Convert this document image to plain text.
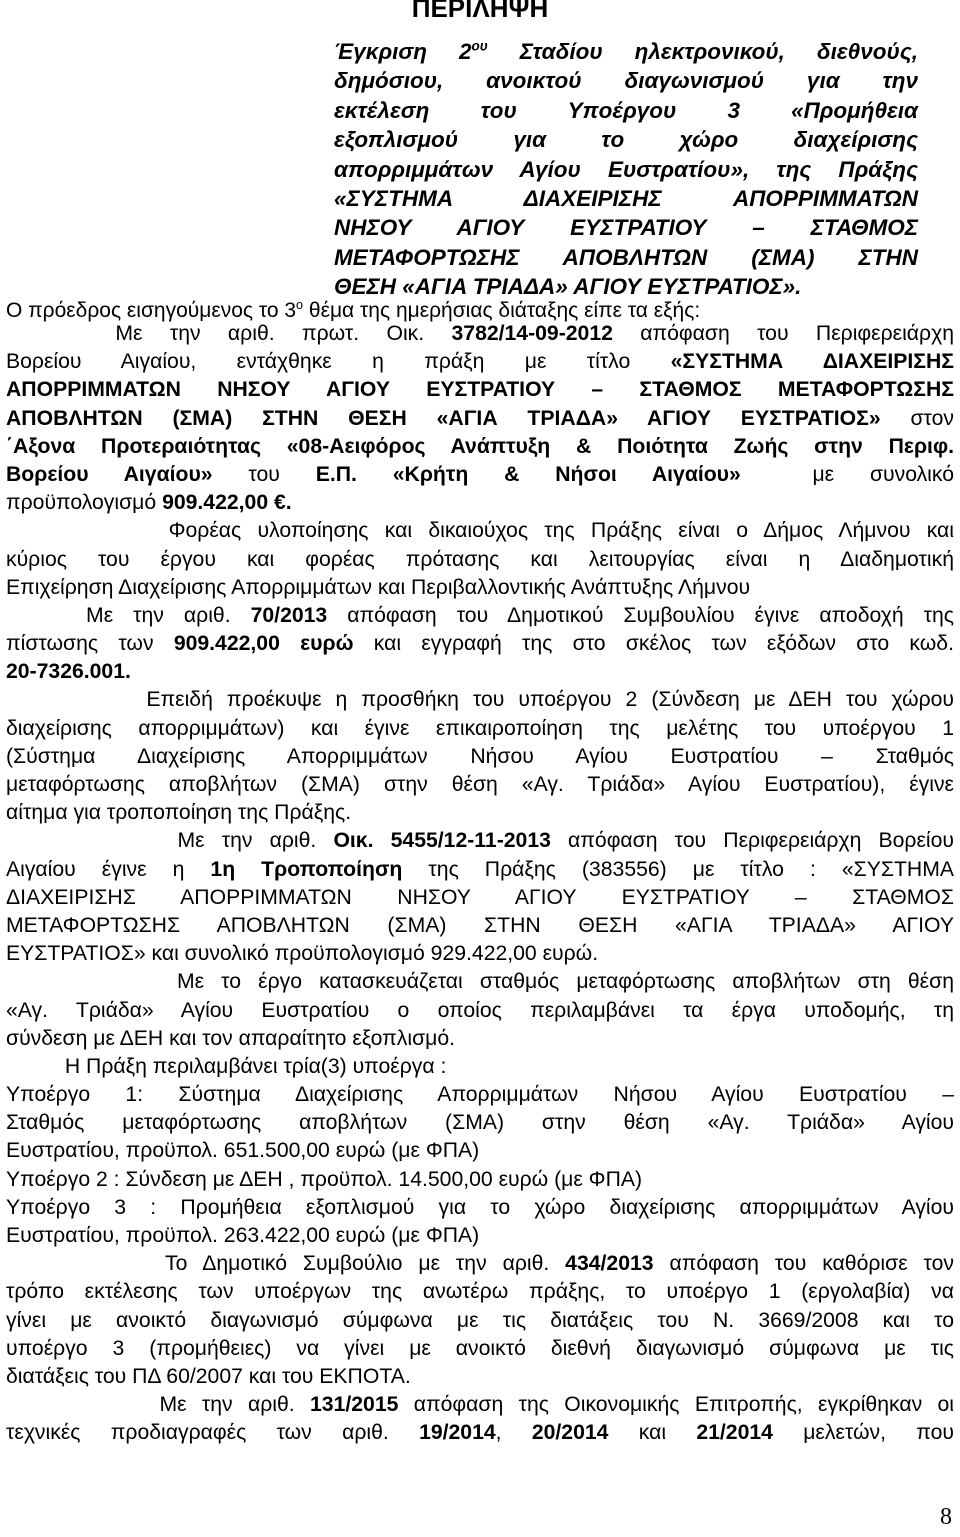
ΠΕΡΙΛΗΨΗ
Έγκριση $2^{o\upsilon}$ Σταδίου ηλεκτρονικού, διεθνούς,
δημόσιου, ανοικτού διαγωνισμού για την
εκτέλεση του Υποέργου 3 «Προμήθεια
εξοπλισμού για το χώρο διαχείρισης
απορριμμάτων Αγίου Ευστρατίου», της Πράξης
«ΣΥΣΤΗΜΑ ΔΙΑΧΕΙΡΙΣΗΣ ΑΠΟΡΡΙΜΜΑΤΩΝ
ΝΗΣΟΥ ΑΓΙΟΥ ΕΥΣΤΡΑΤΙΟΥ – ΣΤΑΘΜΟΣ
ΜΕΤΑΦΟΡΤΩΣΗΣ ΑΠΟΒΛΗΤΩΝ (ΣΜΑ) ΣΤΗΝ
ΘΕΣΗ «ΑΓΙΑ ΤΡΙΑΔΑ» ΑΓΙΟΥ ΕΥΣΤΡΑΤΙΟΣ».
Ο πρόεδρος εισηγούμενος το $3^o$ θέμα της ημερήσιας διάταξης είπε τα εξής:
Με την αριθ. πρωτ. Οικ. 3782/14-09-2012 απόφαση του Περιφερειάρχη
Βορείου Αιγαίου, εντάχθηκε η πράξη με τίτλο «ΣΥΣΤΗΜΑ ΔΙΑΧΕΙΡΙΣΗΣ
ΑΠΟΡΡΙΜΜΑΤΩΝ ΝΗΣΟΥ ΑΓΙΟΥ ΕΥΣΤΡΑΤΙΟΥ – ΣΤΑΘΜΟΣ ΜΕΤΑΦΟΡΤΩΣΗΣ
ΑΠΟΒΛΗΤΩΝ (ΣΜΑ) ΣΤΗΝ ΘΕΣΗ «ΑΓΙΑ ΤΡΙΑΔΑ» ΑΓΙΟΥ ΕΥΣΤΡΑΤΙΟΣ» στον
΄Αξονα Προτεραιότητας «08-Αειφόρος Ανάπτυξη & Ποιότητα Ζωής στην Περιφ.
Βορείου Αιγαίου» του Ε.Π. «Κρήτη & Νήσοι Αιγαίου»  με συνολικό
προϋπολογισμό 909.422,00 €.
Φορέας υλοποίησης και δικαιούχος της Πράξης είναι ο Δήμος Λήμνου και
κύριος του έργου και φορέας πρότασης και λειτουργίας είναι η Διαδημοτική
Επιχείρηση Διαχείρισης Απορριμμάτων και Περιβαλλοντικής Ανάπτυξης Λήμνου
Με την αριθ. 70/2013 απόφαση του Δημοτικού Συμβουλίου έγινε αποδοχή της
πίστωσης των 909.422,00 ευρώ και εγγραφή της στο σκέλος των εξόδων στο κωδ.
20-7326.001.
Επειδή προέκυψε η προσθήκη του υποέργου 2 (Σύνδεση με ΔΕΗ του χώρου
διαχείρισης απορριμμάτων) και έγινε επικαιροποίηση της μελέτης του υποέργου 1
(Σύστημα Διαχείρισης Απορριμμάτων Νήσου Αγίου Ευστρατίου – Σταθμός
μεταφόρτωσης αποβλήτων (ΣΜΑ) στην θέση «Αγ. Τριάδα» Αγίου Ευστρατίου), έγινε
αίτημα για τροποποίηση της Πράξης.
Με την αριθ. Οικ. 5455/12-11-2013 απόφαση του Περιφερειάρχη Βορείου
Αιγαίου έγινε η 1η Τροποποίηση της Πράξης (383556) με τίτλο : «ΣΥΣΤΗΜΑ
ΔΙΑΧΕΙΡΙΣΗΣ ΑΠΟΡΡΙΜΜΑΤΩΝ ΝΗΣΟΥ ΑΓΙΟΥ ΕΥΣΤΡΑΤΙΟΥ – ΣΤΑΘΜΟΣ
ΜΕΤΑΦΟΡΤΩΣΗΣ ΑΠΟΒΛΗΤΩΝ (ΣΜΑ) ΣΤΗΝ ΘΕΣΗ «ΑΓΙΑ ΤΡΙΑΔΑ» ΑΓΙΟΥ
ΕΥΣΤΡΑΤΙΟΣ» και συνολικό προϋπολογισμό 929.422,00 ευρώ.
Με το έργο κατασκευάζεται σταθμός μεταφόρτωσης αποβλήτων στη θέση
«Αγ. Τριάδα» Αγίου Ευστρατίου ο οποίος περιλαμβάνει τα έργα υποδομής, τη
σύνδεση με ΔΕΗ και τον απαραίτητο εξοπλισμό.
Η Πράξη περιλαμβάνει τρία(3) υποέργα :
Υποέργο 1: Σύστημα Διαχείρισης Απορριμμάτων Νήσου Αγίου Ευστρατίου –
Σταθμός μεταφόρτωσης αποβλήτων (ΣΜΑ) στην θέση «Αγ. Τριάδα» Αγίου
Ευστρατίου, προϋπολ. 651.500,00 ευρώ (με ΦΠΑ)
Υποέργο 2 : Σύνδεση με ΔΕΗ , προϋπολ. 14.500,00 ευρώ (με ΦΠΑ)
Υποέργο 3 : Προμήθεια εξοπλισμού για το χώρο διαχείρισης απορριμμάτων Αγίου
Ευστρατίου, προϋπολ. 263.422,00 ευρώ (με ΦΠΑ)
Το Δημοτικό Συμβούλιο με την αριθ. 434/2013 απόφαση του καθόρισε τον
τρόπο εκτέλεσης των υποέργων της ανωτέρω πράξης, το υποέργο 1 (εργολαβία) να
γίνει με ανοικτό διαγωνισμό σύμφωνα με τις διατάξεις του Ν. 3669/2008 και το
υποέργο 3 (προμήθειες) να γίνει με ανοικτό διεθνή διαγωνισμό σύμφωνα με τις
διατάξεις του ΠΔ 60/2007 και του ΕΚΠΟΤΑ.
Με την αριθ. 131/2015 απόφαση της Οικονομικής Επιτροπής, εγκρίθηκαν οι
τεχνικές προδιαγραφές των αριθ. 19/2014, 20/2014 και 21/2014 μελετών, που
8
